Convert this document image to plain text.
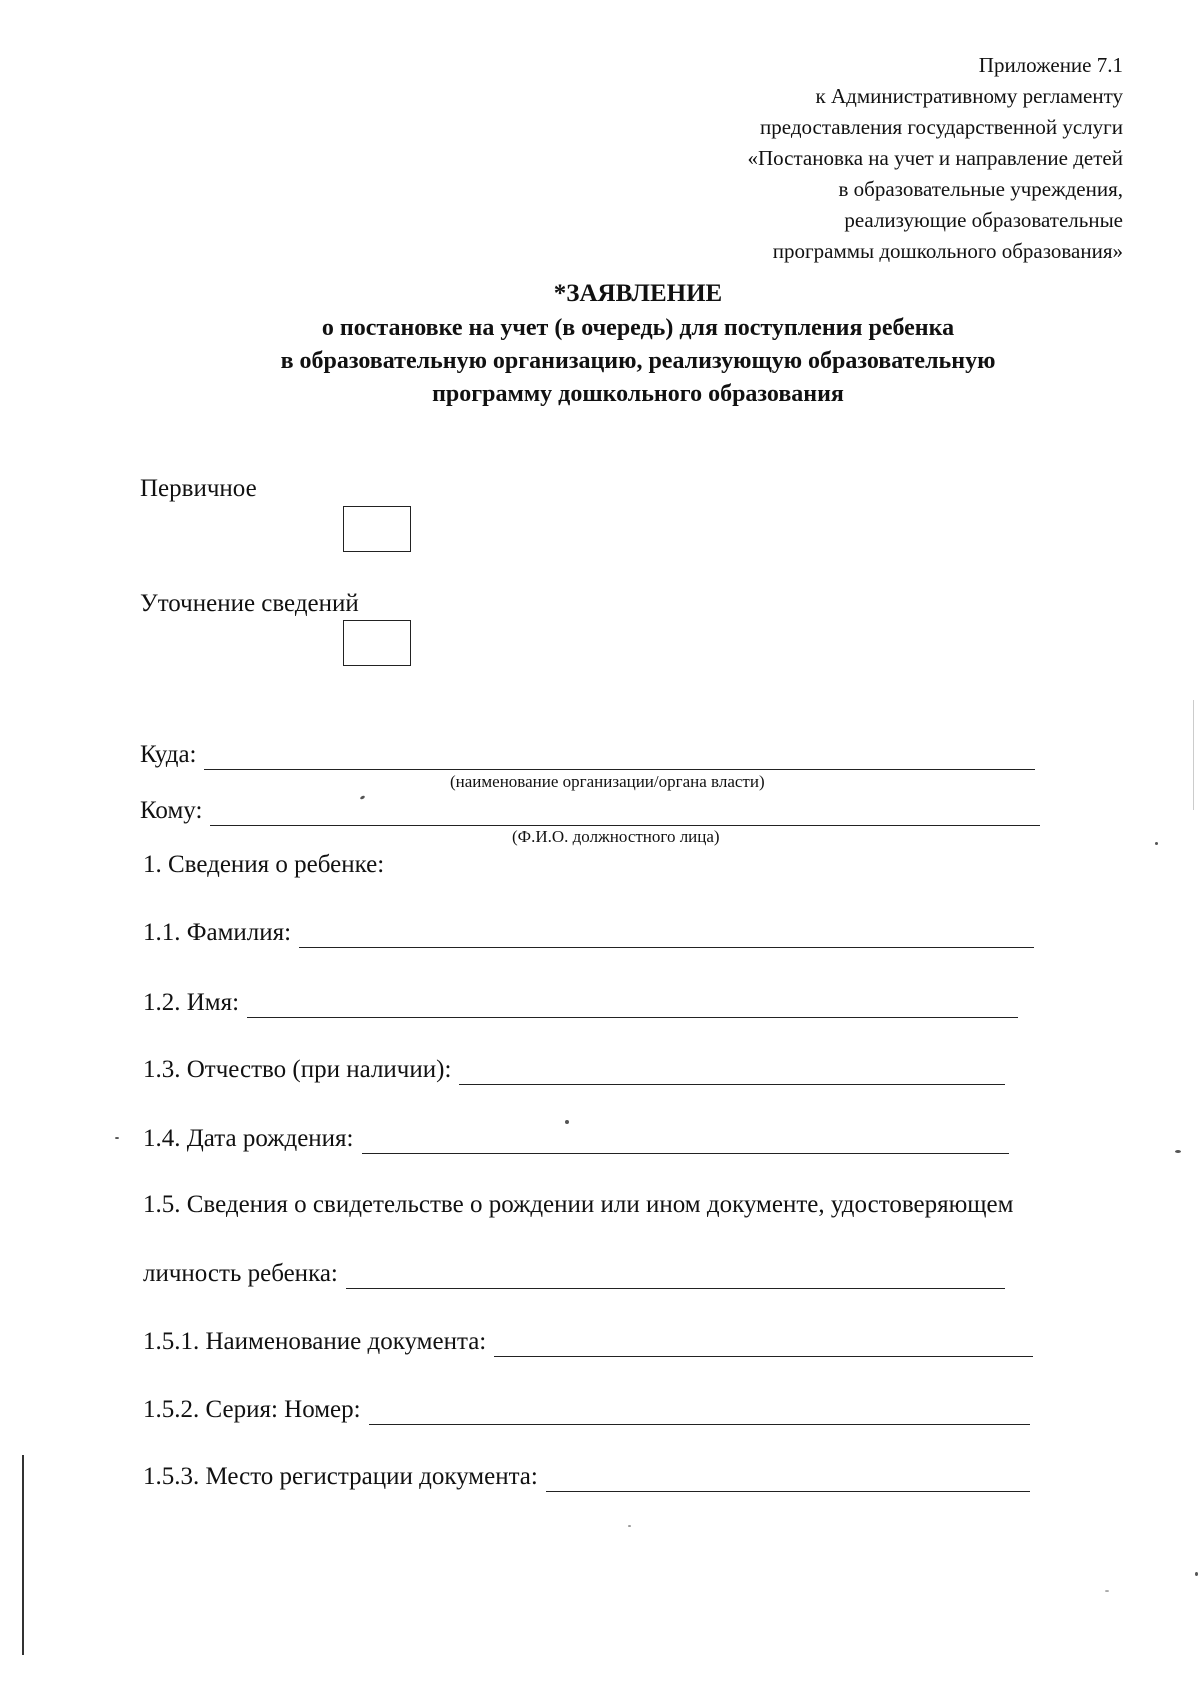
Приложение 7.1
к Административному регламенту
предоставления государственной услуги
«Постановка на учет и направление детей
в образовательные учреждения,
реализующие образовательные
программы дошкольного образования»
*ЗАЯВЛЕНИЕ
о постановке на учет (в очередь) для поступления ребенка
в образовательную организацию, реализующую образовательную
программу дошкольного образования
Первичное
Уточнение сведений
Куда:
(наименование организации/органа власти)
Кому:
(Ф.И.О. должностного лица)
1. Сведения о ребенке:
1.1. Фамилия:
1.2. Имя:
1.3. Отчество (при наличии):
1.4. Дата рождения:
1.5. Сведения о свидетельстве о рождении или ином документе, удостоверяющем
личность ребенка:
1.5.1. Наименование документа:
1.5.2. Серия: Номер:
1.5.3. Место регистрации документа:
